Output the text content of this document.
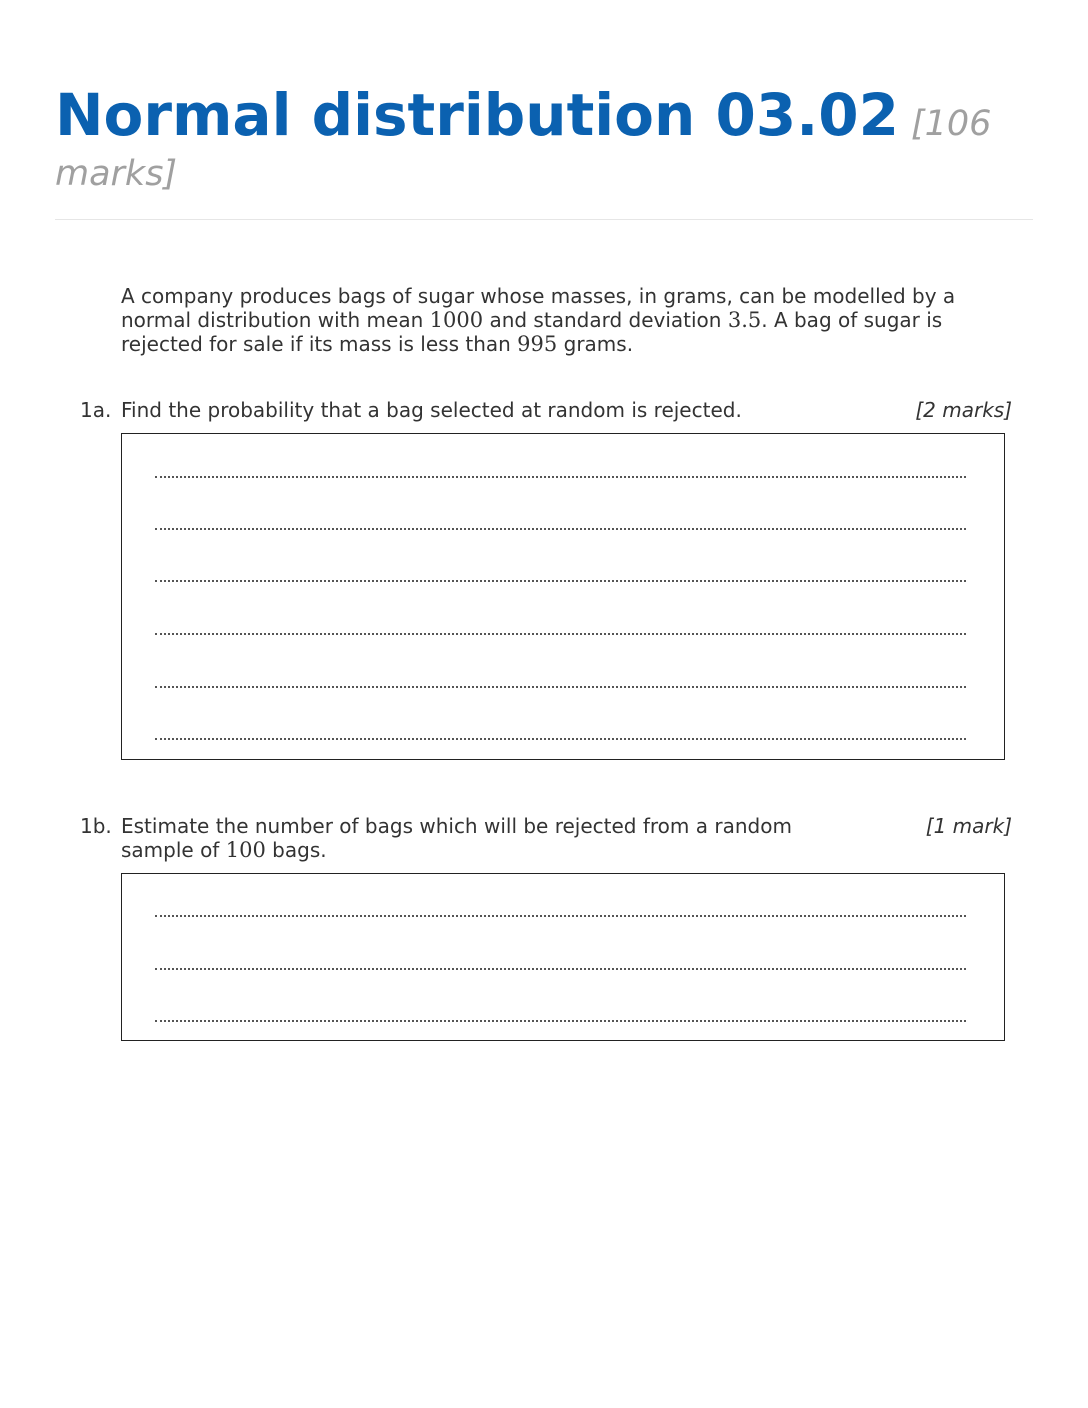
Normal distribution 03.02 [106 marks]
A company produces bags of sugar whose masses, in grams, can be modelled by a normal distribution with mean 1000 and standard deviation 3.5. A bag of sugar is rejected for sale if its mass is less than 995 grams.
1a. Find the probability that a bag selected at random is rejected.	[2 marks]
1b. Estimate the number of bags which will be rejected from a random
sample of 100 bags.
[1 mark]
